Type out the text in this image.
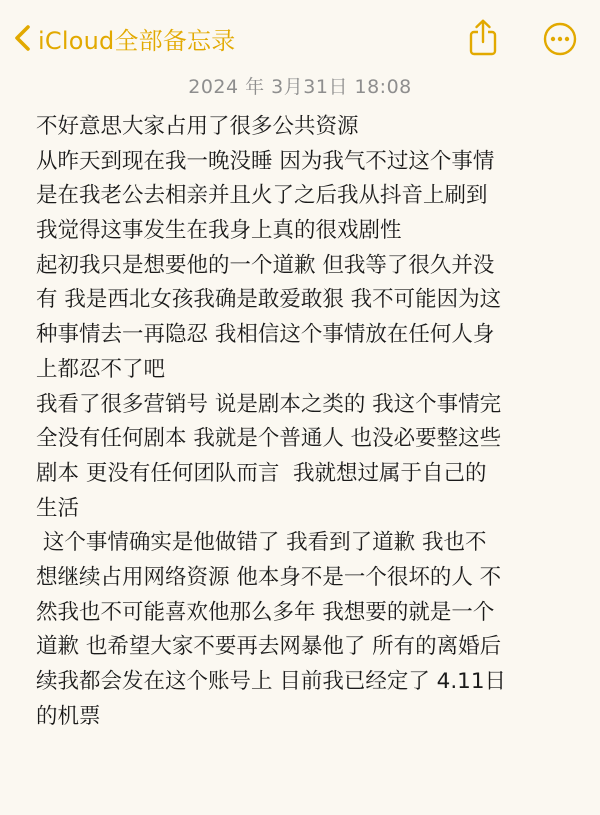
iCloud全部备忘录
2024 年 3月31日 18:08
不好意思大家占用了很多公共资源
从昨天到现在我一晚没睡 因为我气不过这个事情
是在我老公去相亲并且火了之后我从抖音上刷到
我觉得这事发生在我身上真的很戏剧性
起初我只是想要他的一个道歉 但我等了很久并没
有 我是西北女孩我确是敢爱敢狠 我不可能因为这
种事情去一再隐忍 我相信这个事情放在任何人身
上都忍不了吧
我看了很多营销号 说是剧本之类的 我这个事情完
全没有任何剧本 我就是个普通人 也没必要整这些
剧本 更没有任何团队而言  我就想过属于自己的
生活
这个事情确实是他做错了 我看到了道歉 我也不
想继续占用网络资源 他本身不是一个很坏的人 不
然我也不可能喜欢他那么多年 我想要的就是一个
道歉 也希望大家不要再去网暴他了 所有的离婚后
续我都会发在这个账号上 目前我已经定了 4.11日
的机票
